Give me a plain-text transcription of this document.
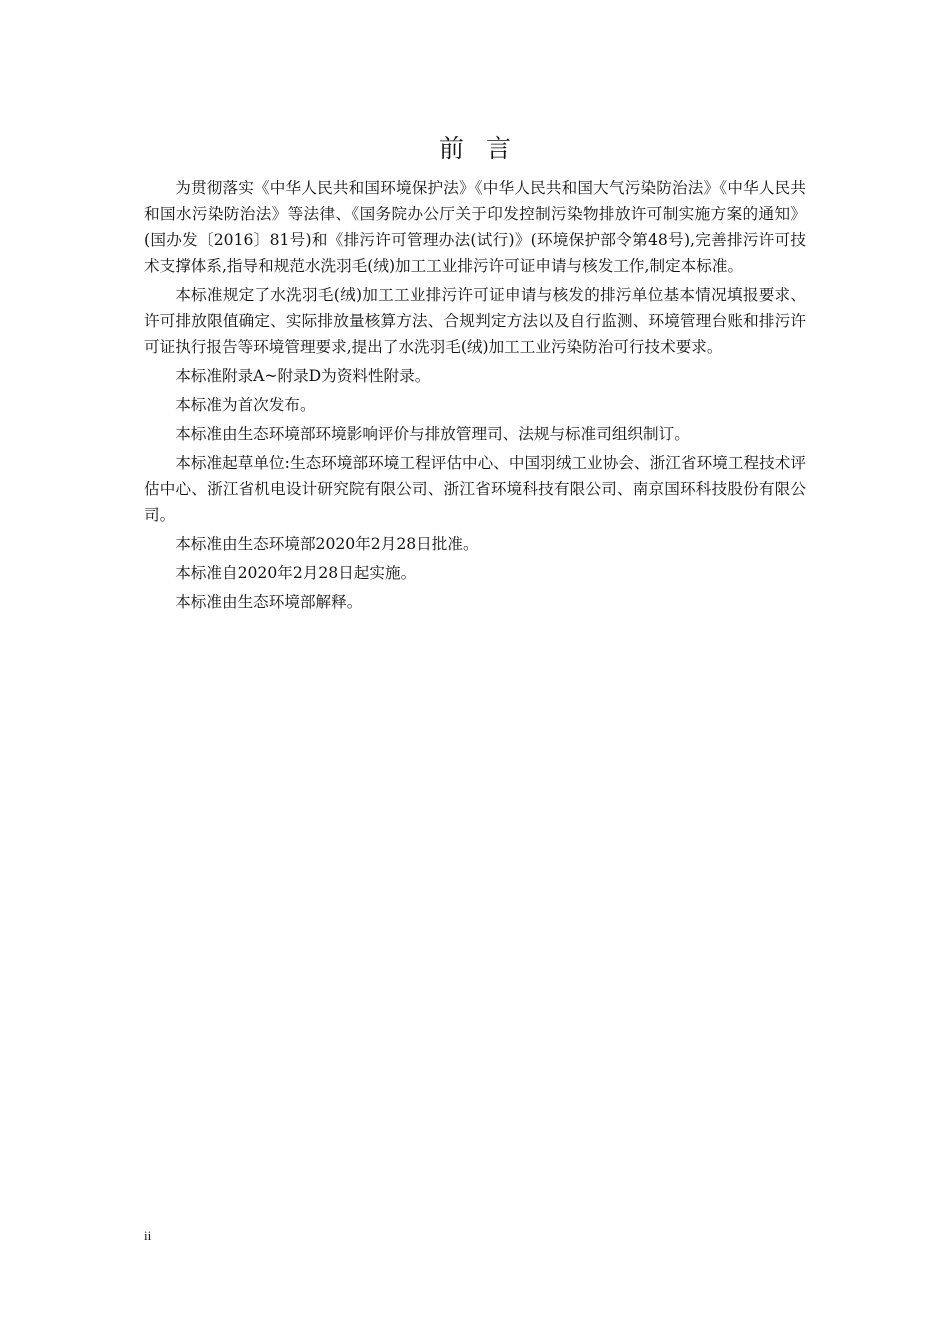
前言

为贯彻落实《中华人民共和国环境保护法》《中华人民共和国大气污染防治法》《中华人民共和国水污染防治法》等法律、《国务院办公厅关于印发控制污染物排放许可制实施方案的通知》(国办发〔2016〕81号)和《排污许可管理办法(试行)》(环境保护部令第48号),完善排污许可技术支撑体系,指导和规范水洗羽毛(绒)加工工业排污许可证申请与核发工作,制定本标准。

本标准规定了水洗羽毛(绒)加工工业排污许可证申请与核发的排污单位基本情况填报要求、许可排放限值确定、实际排放量核算方法、合规判定方法以及自行监测、环境管理台账和排污许可证执行报告等环境管理要求,提出了水洗羽毛(绒)加工工业污染防治可行技术要求。

本标准附录A~附录D为资料性附录。

本标准为首次发布。

本标准由生态环境部环境影响评价与排放管理司、法规与标准司组织制订。

本标准起草单位:生态环境部环境工程评估中心、中国羽绒工业协会、浙江省环境工程技术评估中心、浙江省机电设计研究院有限公司、浙江省环境科技有限公司、南京国环科技股份有限公司。

本标准由生态环境部2020年2月28日批准。

本标准自2020年2月28日起实施。

本标准由生态环境部解释。

ii
